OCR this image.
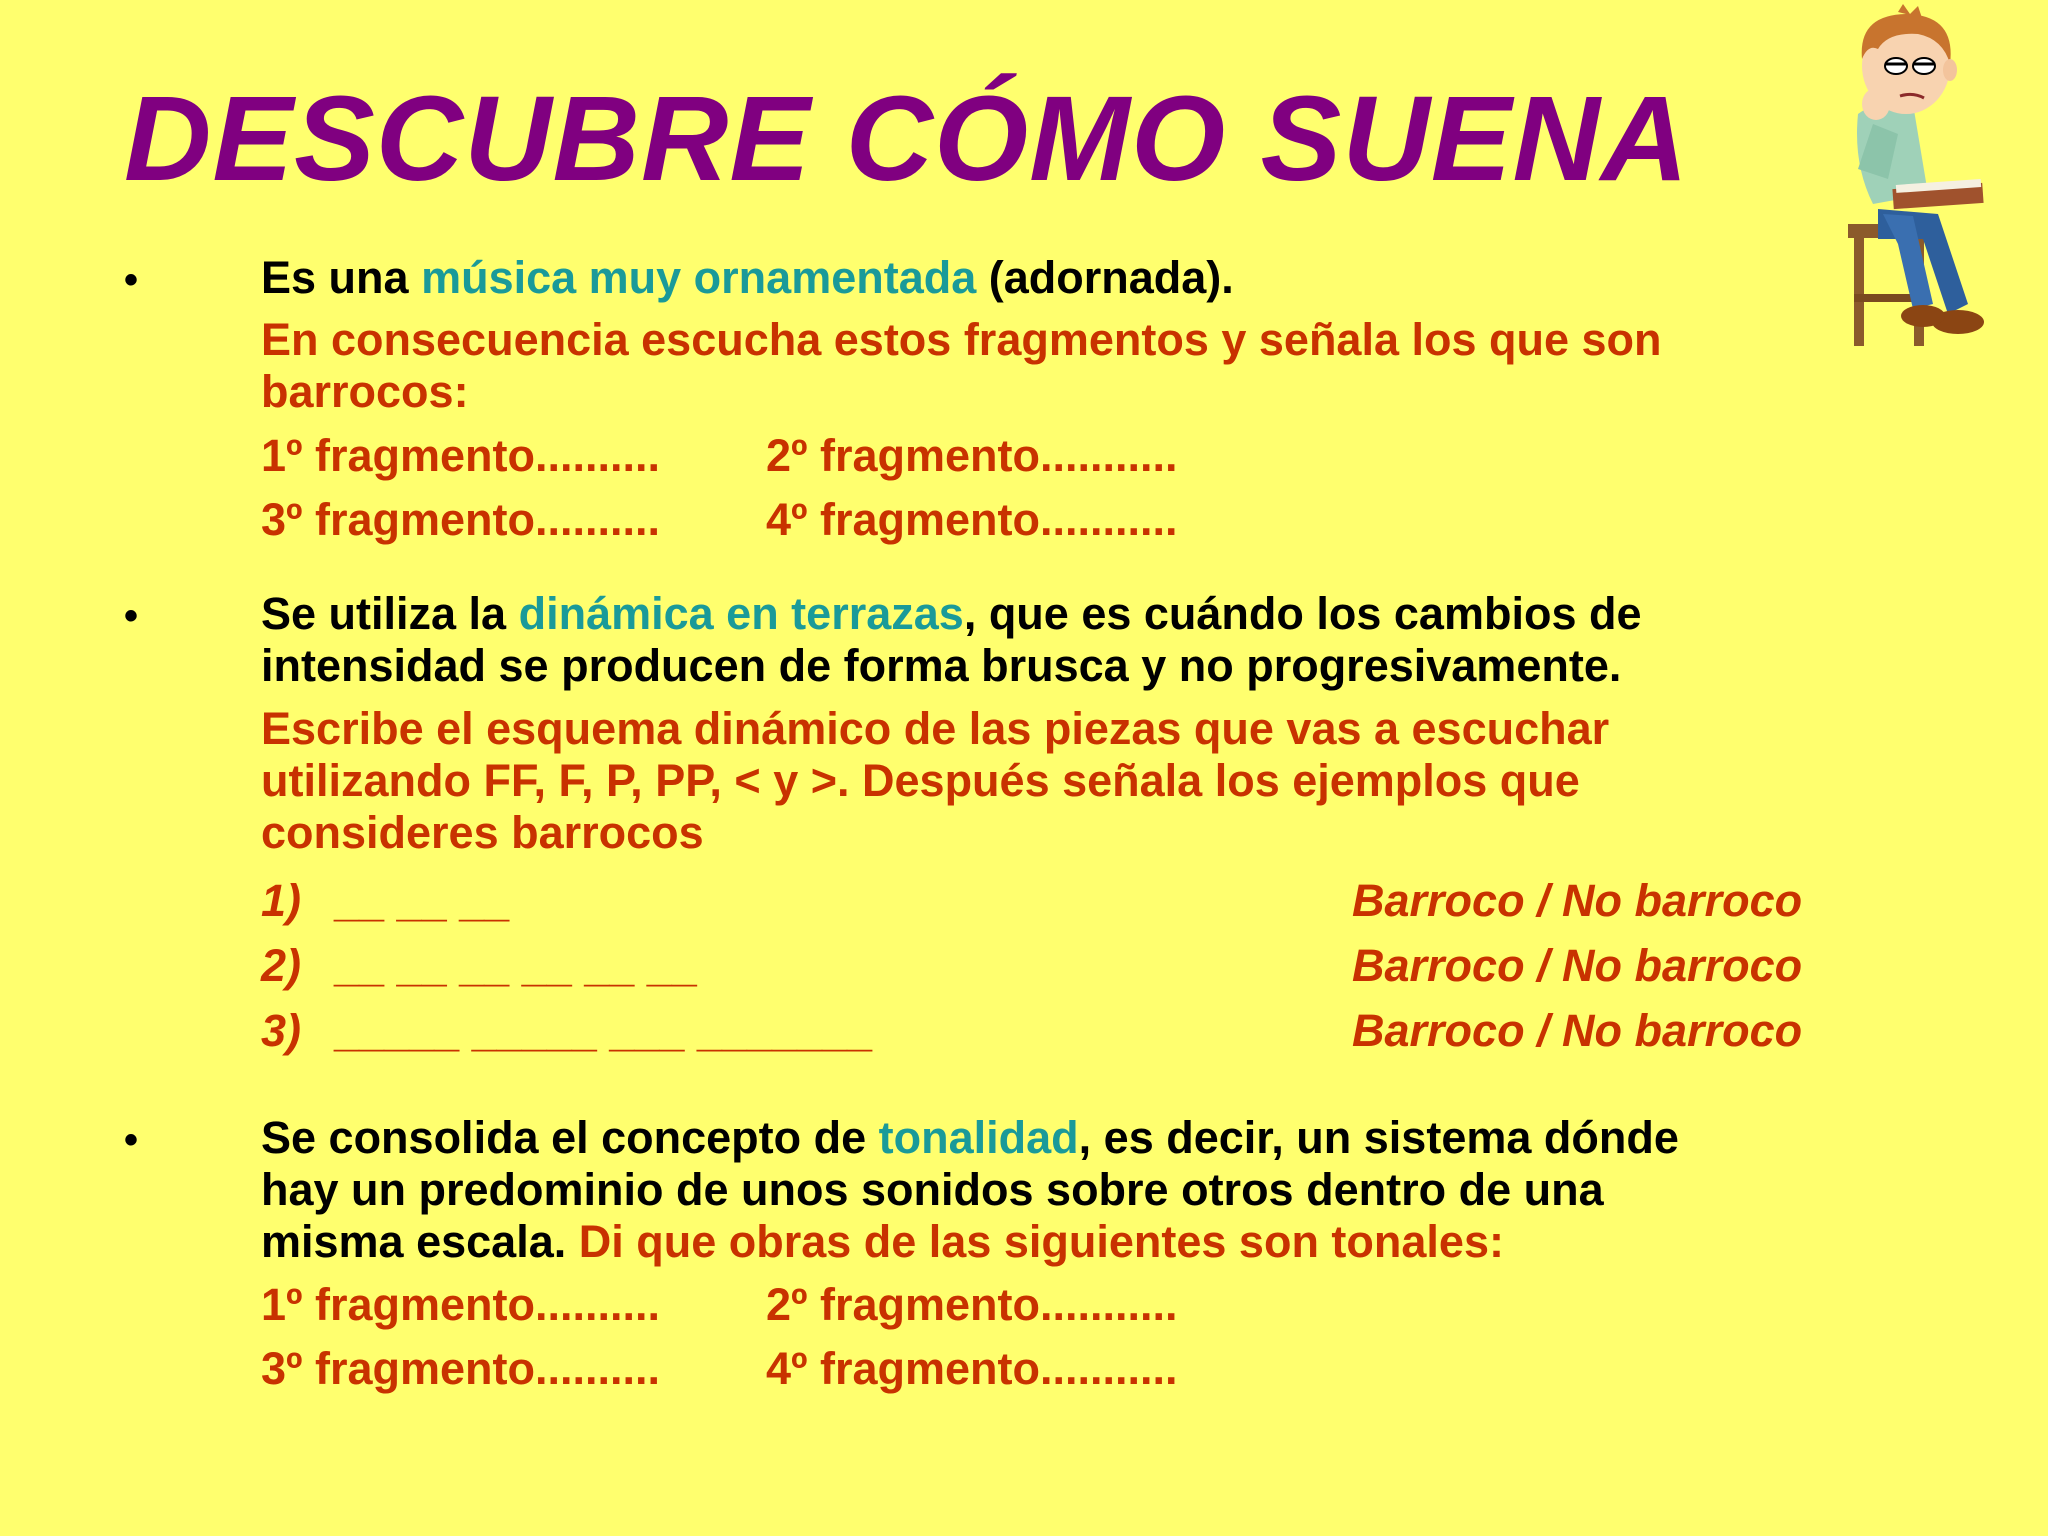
DESCUBRE CÓMO SUENA
•	Es una música muy ornamentada (adornada).
En consecuencia escucha estos fragmentos y señala los que son
barrocos:
1º fragmento.......... 2º fragmento...........
3º fragmento.......... 4º fragmento...........
•	Se utiliza la dinámica en terrazas, que es cuándo los cambios de
intensidad se producen de forma brusca y no progresivamente.
Escribe el esquema dinámico de las piezas que vas a escuchar
utilizando FF, F, P, PP, < y >. Después señala los ejemplos que
consideres barrocos
1) __ __ __	Barroco / No barroco
2) __ __ __ __ __ __	Barroco / No barroco
3) _____ _____ ___ _______	Barroco / No barroco
•	Se consolida el concepto de tonalidad, es decir, un sistema dónde
hay un predominio de unos sonidos sobre otros dentro de una
misma escala. Di que obras de las siguientes son tonales:
1º fragmento.......... 2º fragmento...........
3º fragmento.......... 4º fragmento...........
